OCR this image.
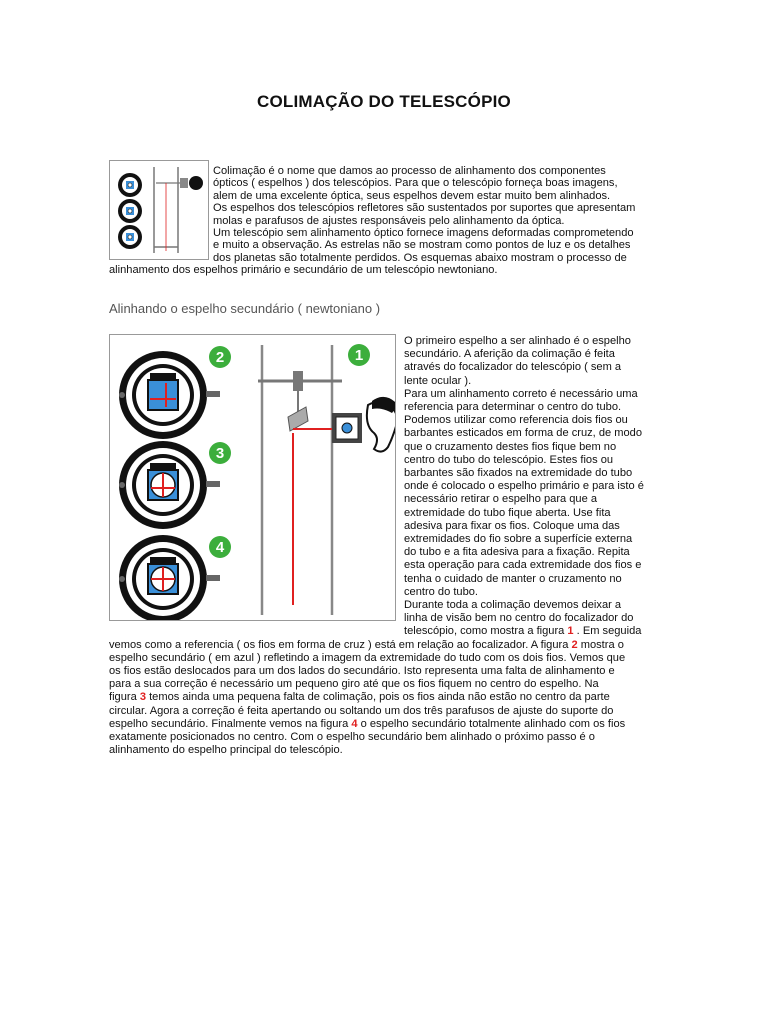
COLIMAÇÃO DO TELESCÓPIO
Colimação é o nome que damos ao processo de alinhamento dos componentes
ópticos ( espelhos ) dos telescópios. Para que o telescópio forneça boas imagens,
alem de uma excelente óptica, seus espelhos devem estar muito bem alinhados.
Os espelhos dos telescópios refletores são sustentados por suportes que apresentam
molas e parafusos de ajustes responsáveis pelo alinhamento da óptica.
Um telescópio sem alinhamento óptico fornece imagens deformadas comprometendo
e muito a observação. As estrelas não se mostram como pontos de luz e os detalhes
dos planetas são totalmente perdidos. Os esquemas abaixo mostram o processo de
alinhamento dos espelhos primário e secundário de um telescópio newtoniano.
Alinhando o espelho secundário ( newtoniano )
2
3
4
1
O primeiro espelho a ser alinhado é o espelho
secundário. A aferição da colimação é feita
através do focalizador do telescópio ( sem a
lente ocular ).
Para um alinhamento correto é necessário uma
referencia para determinar o centro do tubo.
Podemos utilizar como referencia dois fios ou
barbantes esticados em forma de cruz, de modo
que o cruzamento destes fios fique bem no
centro do tubo do telescópio. Estes fios ou
barbantes são fixados na extremidade do tubo
onde é colocado o espelho primário e para isto é
necessário retirar o espelho para que a
extremidade do tubo fique aberta. Use fita
adesiva para fixar os fios. Coloque uma das
extremidades do fio sobre a superfície externa
do tubo e a fita adesiva para a fixação. Repita
esta operação para cada extremidade dos fios e
tenha o cuidado de manter o cruzamento no
centro do tubo.
Durante toda a colimação devemos deixar a
linha de visão bem no centro do focalizador do
telescópio, como mostra a figura 1 . Em seguida
vemos como a referencia ( os fios em forma de cruz ) está em relação ao focalizador. A figura 2 mostra o
espelho secundário ( em azul ) refletindo a imagem da extremidade do tudo com os dois fios. Vemos que
os fios estão deslocados para um dos lados do secundário. Isto representa uma falta de alinhamento e
para a sua correção é necessário um pequeno giro até que os fios fiquem no centro do espelho. Na
figura 3 temos ainda uma pequena falta de colimação, pois os fios ainda não estão no centro da parte
circular. Agora a correção é feita apertando ou soltando um dos três parafusos de ajuste do suporte do
espelho secundário. Finalmente vemos na figura 4 o espelho secundário totalmente alinhado com os fios
exatamente posicionados no centro. Com o espelho secundário bem alinhado o próximo passo é o
alinhamento do espelho principal do telescópio.
